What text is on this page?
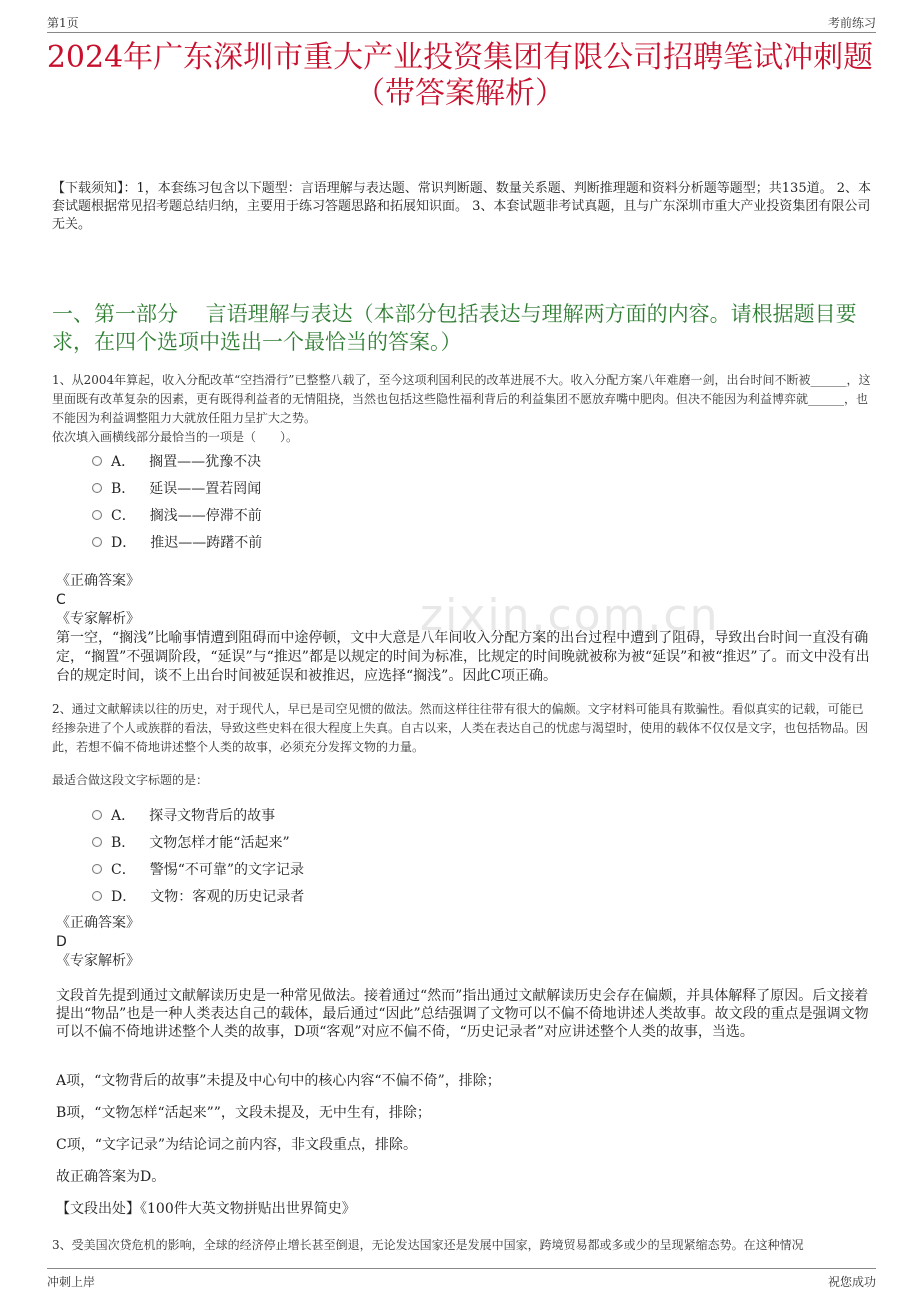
第1页	考前练习
2024年广东深圳市重大产业投资集团有限公司招聘笔试冲刺题
（带答案解析）
【下载须知】：1，本套练习包含以下题型：言语理解与表达题、常识判断题、数量关系题、判断推理题和资料分析题等题型；共135道。 2、本套试题根据常见招考题总结归纳，主要用于练习答题思路和拓展知识面。 3、本套试题非考试真题，且与广东深圳市重大产业投资集团有限公司无关。
一、第一部分　 言语理解与表达（本部分包括表达与理解两方面的内容。请根据题目要求，在四个选项中选出一个最恰当的答案。）
zixin.com.cn
1、从2004年算起，收入分配改革“空挡滑行”已整整八载了，至今这项利国利民的改革进展不大。收入分配方案八年难磨一剑，出台时间不断被______，这里面既有改革复杂的因素，更有既得利益者的无情阻挠，当然也包括这些隐性福利背后的利益集团不愿放弃嘴中肥肉。但决不能因为利益博弈就______，也不能因为利益调整阻力大就放任阻力呈扩大之势。
依次填入画横线部分最恰当的一项是（　　）。
A． 搁置——犹豫不决
B． 延误——置若罔闻
C． 搁浅——停滞不前
D． 推迟——踌躇不前
《正确答案》
C
《专家解析》
第一空，“搁浅”比喻事情遭到阻碍而中途停顿，文中大意是八年间收入分配方案的出台过程中遭到了阻碍，导致出台时间一直没有确定，“搁置”不强调阶段，“延误”与“推迟”都是以规定的时间为标准，比规定的时间晚就被称为被“延误”和被“推迟”了。而文中没有出台的规定时间，谈不上出台时间被延误和被推迟，应选择“搁浅”。因此C项正确。
2、通过文献解读以往的历史，对于现代人，早已是司空见惯的做法。然而这样往往带有很大的偏颇。文字材料可能具有欺骗性。看似真实的记载，可能已经掺杂进了个人或族群的看法，导致这些史料在很大程度上失真。自古以来，人类在表达自己的忧虑与渴望时，使用的载体不仅仅是文字，也包括物品。因此，若想不偏不倚地讲述整个人类的故事，必须充分发挥文物的力量。
最适合做这段文字标题的是：
A． 探寻文物背后的故事
B． 文物怎样才能“活起来”
C． 警惕“不可靠”的文字记录
D． 文物：客观的历史记录者
《正确答案》
D
《专家解析》
文段首先提到通过文献解读历史是一种常见做法。接着通过“然而”指出通过文献解读历史会存在偏颇，并具体解释了原因。后文接着提出“物品”也是一种人类表达自己的载体，最后通过“因此”总结强调了文物可以不偏不倚地讲述人类故事。故文段的重点是强调文物可以不偏不倚地讲述整个人类的故事，D项“客观”对应不偏不倚，“历史记录者”对应讲述整个人类的故事，当选。
A项，“文物背后的故事”未提及中心句中的核心内容“不偏不倚”，排除；
B项，“文物怎样“活起来””，文段未提及，无中生有，排除；
C项，“文字记录”为结论词之前内容，非文段重点，排除。
故正确答案为D。
【文段出处】《100件大英文物拼贴出世界简史》
3、受美国次贷危机的影响，全球的经济停止增长甚至倒退，无论发达国家还是发展中国家，跨境贸易都或多或少的呈现紧缩态势。在这种情况
冲刺上岸	祝您成功
